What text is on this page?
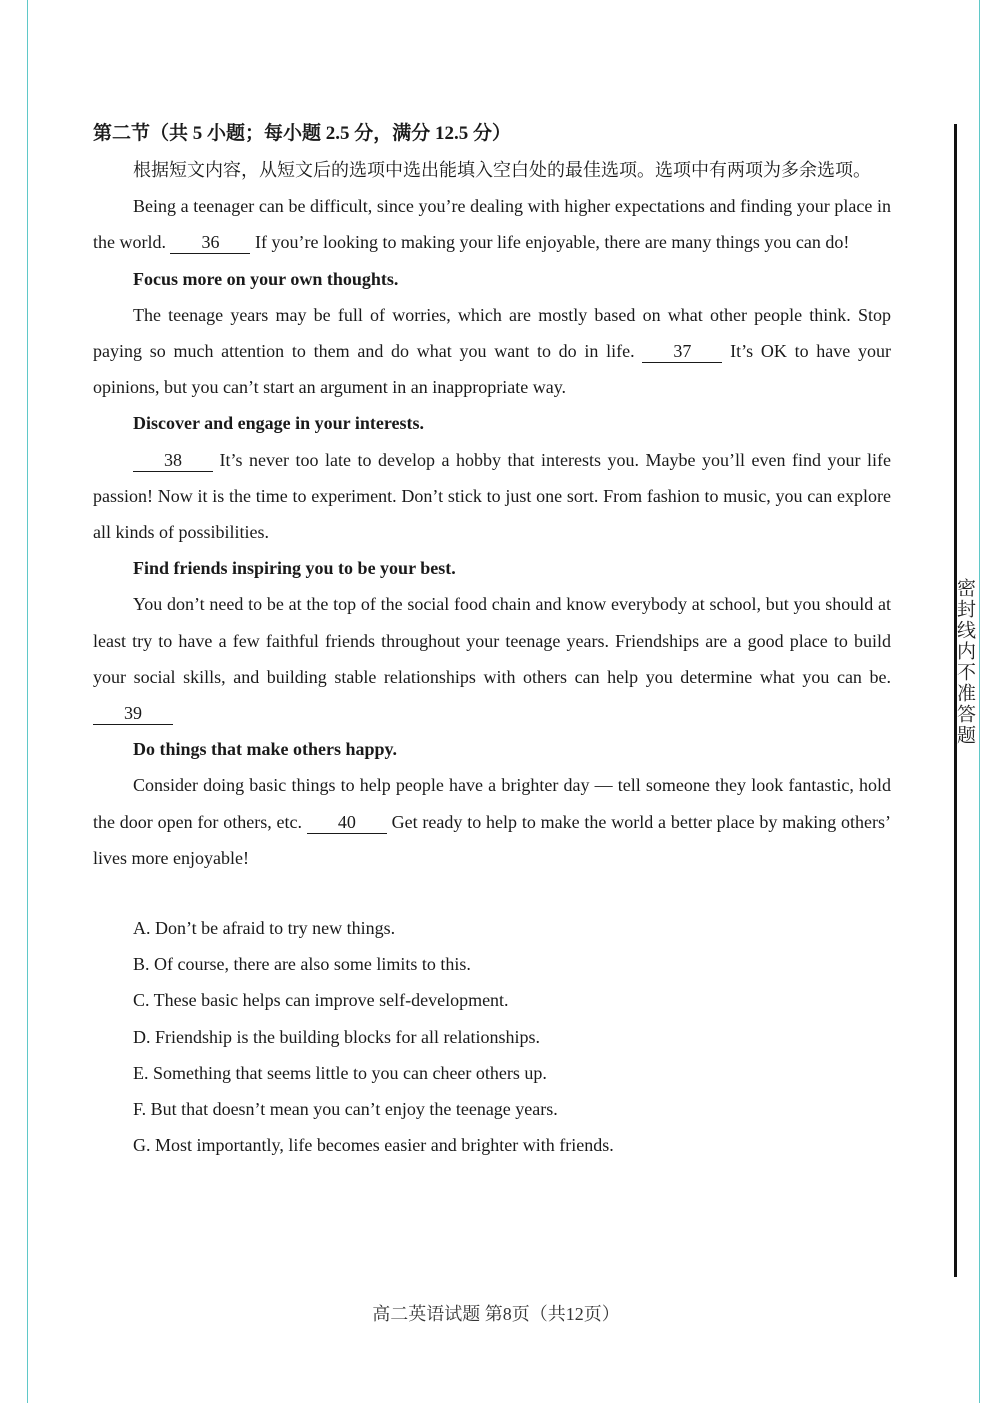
密封线内不准答题

第二节（共 5 小题；每小题 2.5 分，满分 12.5 分）

根据短文内容，从短文后的选项中选出能填入空白处的最佳选项。选项中有两项为多余选项。

Being a teenager can be difficult, since you’re dealing with higher expectations and finding your place in the world. 36 If you’re looking to making your life enjoyable, there are many things you can do!

Focus more on your own thoughts.

The teenage years may be full of worries, which are mostly based on what other people think. Stop paying so much attention to them and do what you want to do in life. 37 It’s OK to have your opinions, but you can’t start an argument in an inappropriate way.

Discover and engage in your interests.

38 It’s never too late to develop a hobby that interests you. Maybe you’ll even find your life passion! Now it is the time to experiment. Don’t stick to just one sort. From fashion to music, you can explore all kinds of possibilities.

Find friends inspiring you to be your best.

You don’t need to be at the top of the social food chain and know everybody at school, but you should at least try to have a few faithful friends throughout your teenage years. Friendships are a good place to build your social skills, and building stable relationships with others can help you determine what you can be. 39

Do things that make others happy.

Consider doing basic things to help people have a brighter day — tell someone they look fantastic, hold the door open for others, etc. 40 Get ready to help to make the world a better place by making others’ lives more enjoyable!

A. Don’t be afraid to try new things.

B. Of course, there are also some limits to this.

C. These basic helps can improve self-development.

D. Friendship is the building blocks for all relationships.

E. Something that seems little to you can cheer others up.

F. But that doesn’t mean you can’t enjoy the teenage years.

G. Most importantly, life becomes easier and brighter with friends.

高二英语试题 第8页（共12页）
